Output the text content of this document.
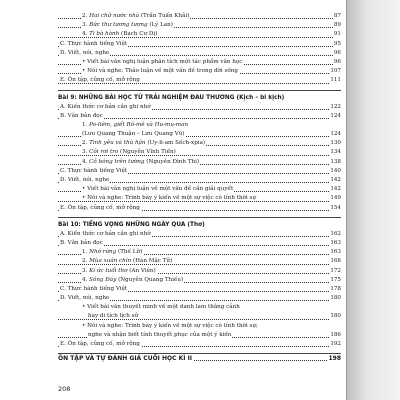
2. Hai chữ nước nhà (Trần Tuấn Khải)	87
3. Bức thư tương tượng (Lý Lan)	89
4. Tì bà hành (Bạch Cư Dị)	91
C. Thực hành tiếng Việt	95
D. Viết, nói, nghe	96
• Viết bài văn nghị luận phân tích một tác phẩm văn học	96
• Nói và nghe: Thảo luận về một vấn đề trong đời sống	107
E. Ôn tập, củng cố, mở rộng	111
Bài 9: NHỮNG BÀI HỌC TỪ TRẢI NGHIỆM ĐAU THƯƠNG (Kịch – bi kịch)
A. Kiến thức cơ bản cần ghi nhớ	122
B. Văn bản đọc	124
1. Po-liêm, giết Rô-mê và Hu-mu-man
(Lưu Quang Thuận – Lưu Quang Vũ)	124
2. Tình yêu và thù hận (Uy-li-am Sếch-xpia)	130
3. Cõi rơi tro (Nguyễn Vĩnh Tiến)	134
4. Cỏ bóng trên tường (Nguyễn Đình Thi)	138
C. Thực hành tiếng Việt	140
D. Viết, nói, nghe	142
• Viết bài văn nghị luận về một vấn đề cần giải quyết	142
• Nói và nghe: Trình bày ý kiến về một sự việc có tính thời sự	149
E. Ôn tập, củng cố, mở rộng	154
Bài 10: TIẾNG VỌNG NHỮNG NGÀY QUA (Thơ)
A. Kiến thức cơ bản cần ghi nhớ	162
B. Văn bản đọc	163
1. Nhớ rừng (Thế Lữ)	163
2. Mùa xuân chín (Hàn Mặc Tử)	168
3. Kí ức tuổi thơ (An Viên)	172
4. Sông Đáy (Nguyễn Quang Thiều)	175
C. Thực hành tiếng Việt	178
D. Viết, nói, nghe	180
• Viết bài văn thuyết minh về một danh lam thắng cảnh
hay di tích lịch sử	180
• Nói và nghe: Trình bày ý kiến về một sự việc có tính thời sự;
nghe và nhận biết tính thuyết phục của một ý kiến	186
E. Ôn tập, củng cố, mở rộng	192
ÔN TẬP VÀ TỰ ĐÁNH GIÁ CUỐI HỌC KÌ II	198
208
